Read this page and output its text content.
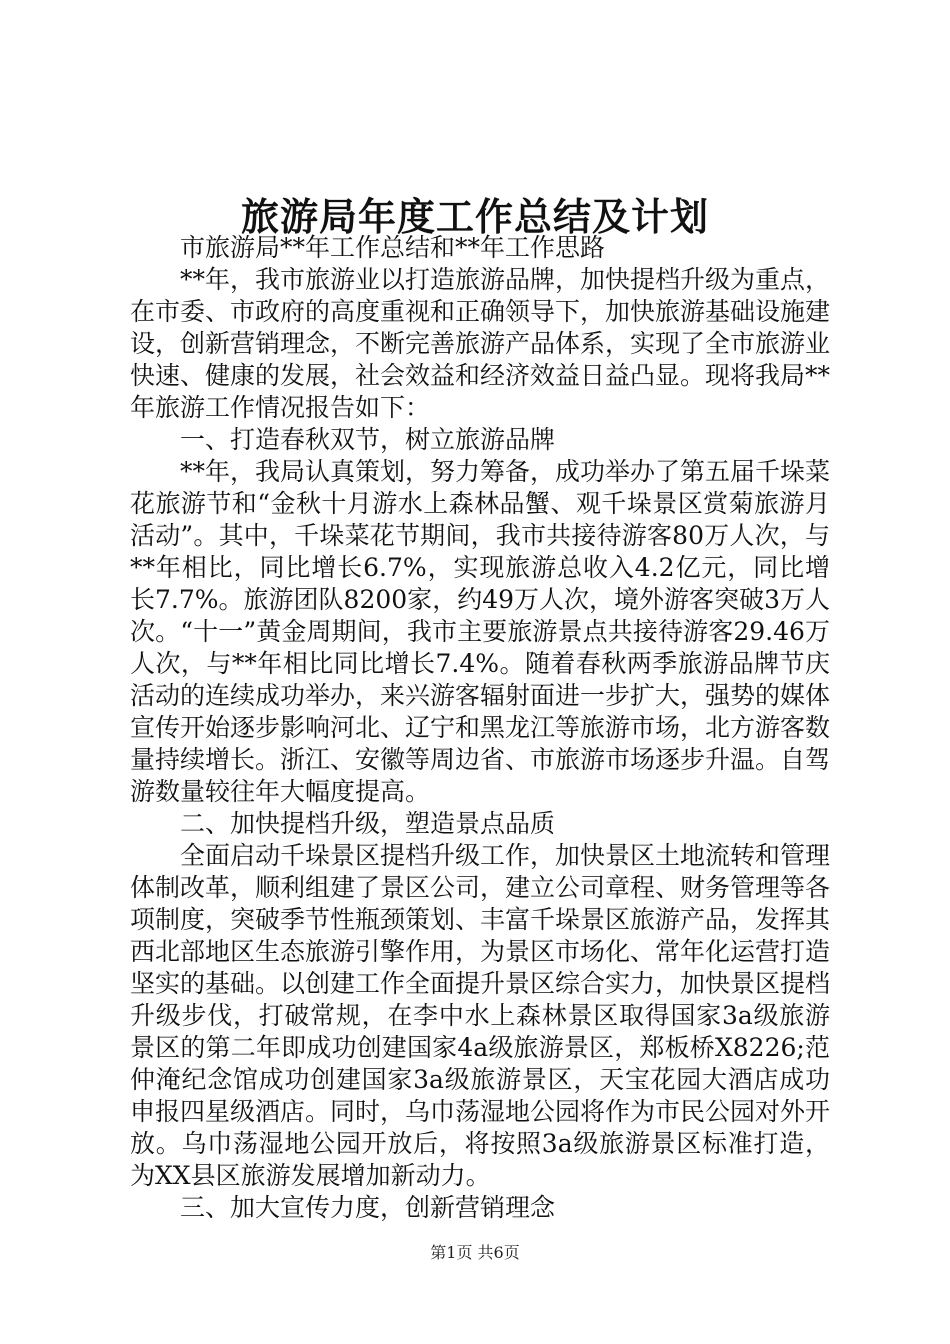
旅游局年度工作总结及计划

市旅游局**年工作总结和**年工作思路

**年，我市旅游业以打造旅游品牌，加快提档升级为重点，在市委、市政府的高度重视和正确领导下，加快旅游基础设施建设，创新营销理念，不断完善旅游产品体系，实现了全市旅游业快速、健康的发展，社会效益和经济效益日益凸显。现将我局**年旅游工作情况报告如下：

一、打造春秋双节，树立旅游品牌

**年，我局认真策划，努力筹备，成功举办了第五届千垛菜花旅游节和“金秋十月游水上森林品蟹、观千垛景区赏菊旅游月活动”。其中，千垛菜花节期间，我市共接待游客80万人次，与**年相比，同比增长6.7%，实现旅游总收入4.2亿元，同比增长7.7%。旅游团队8200家，约49万人次，境外游客突破3万人次。“十一”黄金周期间，我市主要旅游景点共接待游客29.46万人次，与**年相比同比增长7.4%。随着春秋两季旅游品牌节庆活动的连续成功举办，来兴游客辐射面进一步扩大，强势的媒体宣传开始逐步影响河北、辽宁和黑龙江等旅游市场，北方游客数量持续增长。浙江、安徽等周边省、市旅游市场逐步升温。自驾游数量较往年大幅度提高。

二、加快提档升级，塑造景点品质

全面启动千垛景区提档升级工作，加快景区土地流转和管理体制改革，顺利组建了景区公司，建立公司章程、财务管理等各项制度，突破季节性瓶颈策划、丰富千垛景区旅游产品，发挥其西北部地区生态旅游引擎作用，为景区市场化、常年化运营打造坚实的基础。以创建工作全面提升景区综合实力，加快景区提档升级步伐，打破常规，在李中水上森林景区取得国家3a级旅游景区的第二年即成功创建国家4a级旅游景区，郑板桥X8226;范仲淹纪念馆成功创建国家3a级旅游景区，天宝花园大酒店成功申报四星级酒店。同时，乌巾荡湿地公园将作为市民公园对外开放。乌巾荡湿地公园开放后，将按照3a级旅游景区标准打造，为XX县区旅游发展增加新动力。

三、加大宣传力度，创新营销理念

第1页 共6页
